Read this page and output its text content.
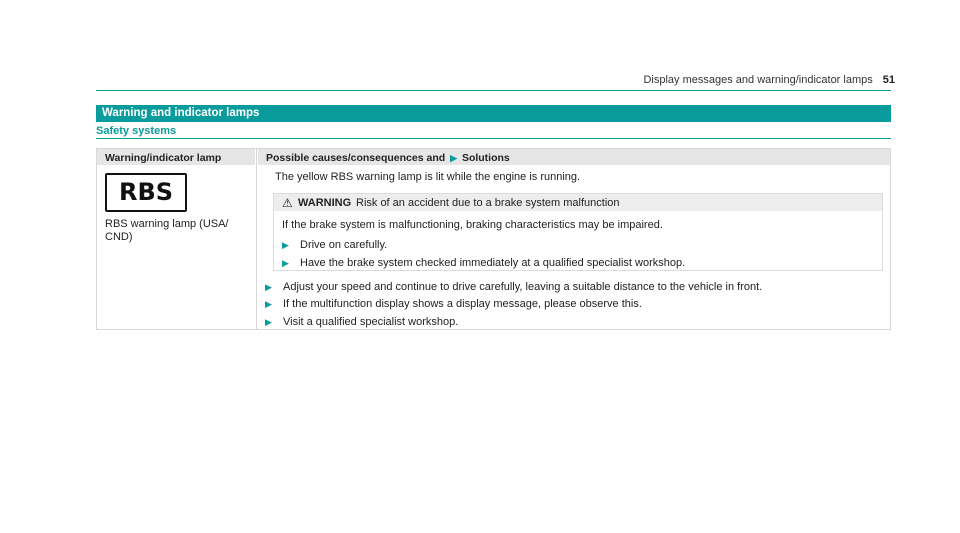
Display messages and warning/indicator lamps 51
Warning and indicator lamps
Safety systems
Warning/indicator lamp	Possible causes/consequences and ▶ Solutions
RBS
RBS warning lamp (USA/ CND)
The yellow RBS warning lamp is lit while the engine is running.
⚠ WARNING Risk of an accident due to a brake system malfunction
If the brake system is malfunctioning, braking characteristics may be impaired.
▶ Drive on carefully.
▶ Have the brake system checked immediately at a qualified specialist workshop.
▶ Adjust your speed and continue to drive carefully, leaving a suitable distance to the vehicle in front.
▶ If the multifunction display shows a display message, please observe this.
▶ Visit a qualified specialist workshop.
